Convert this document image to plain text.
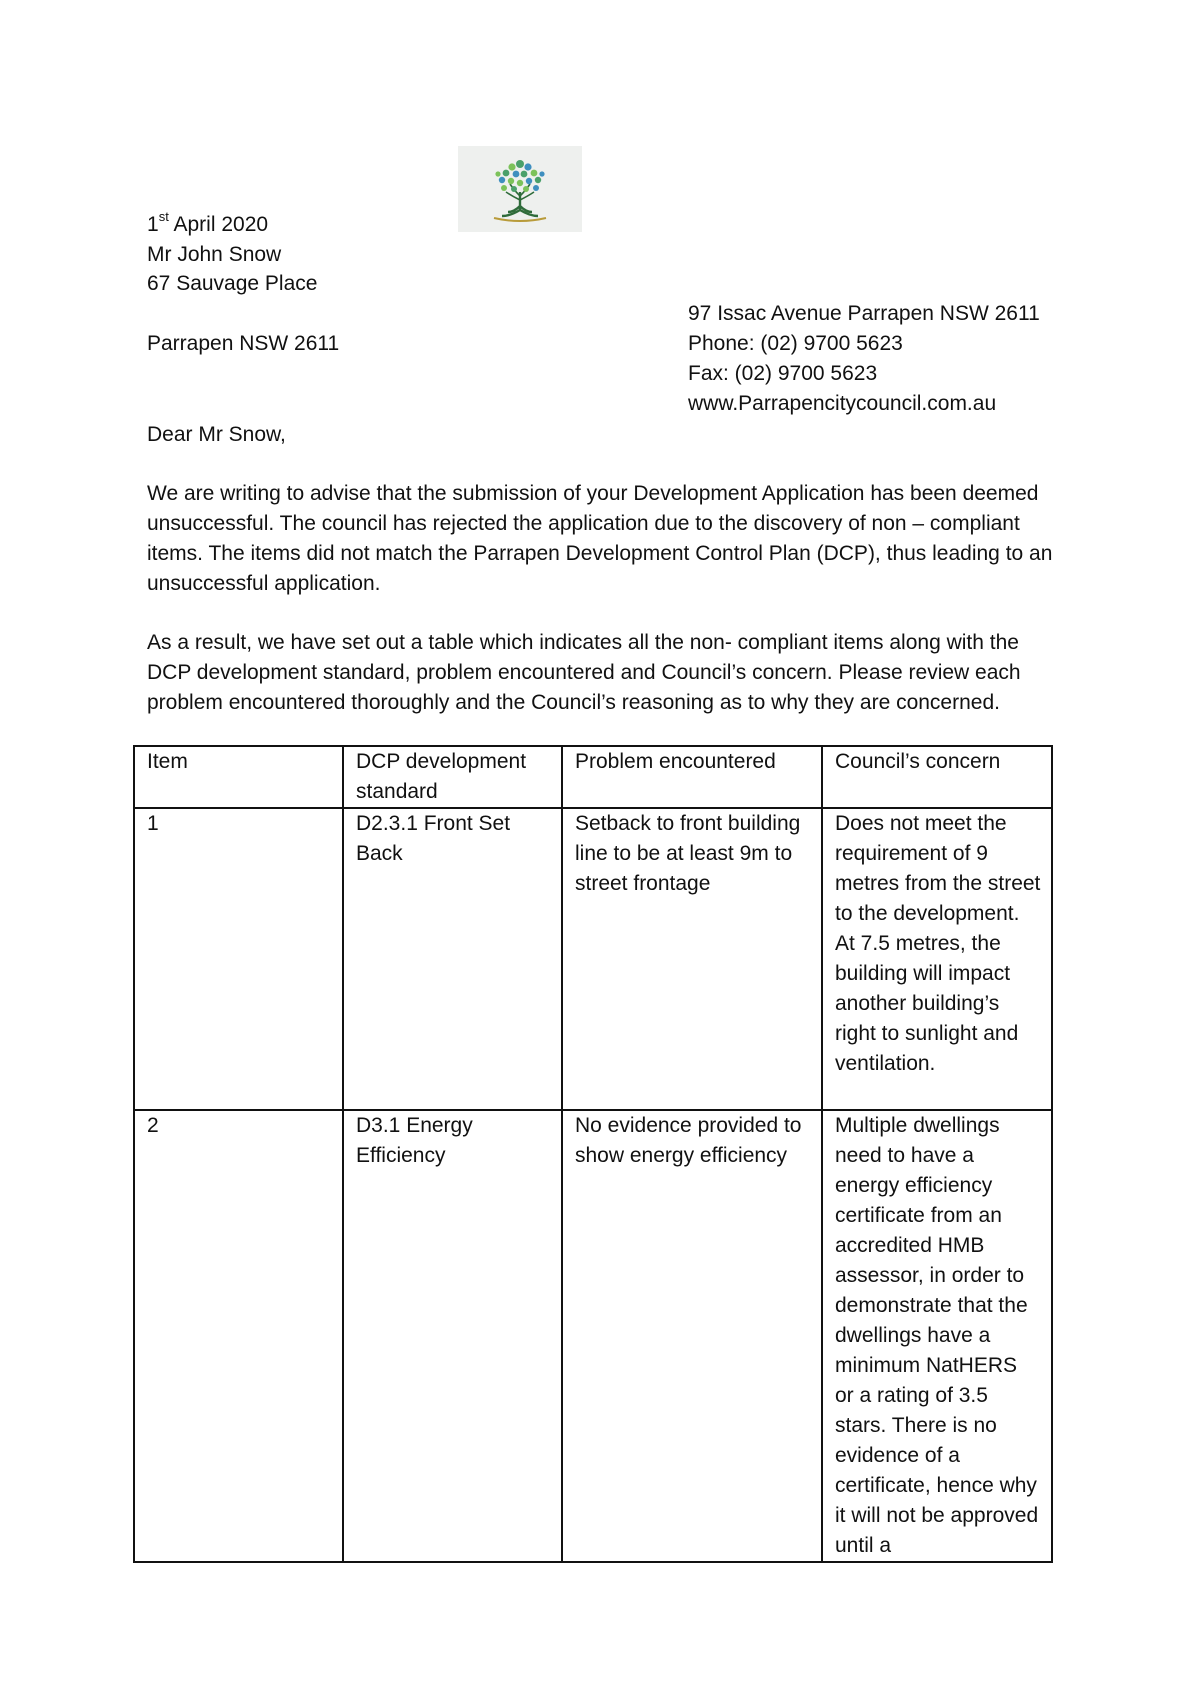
1st April 2020
Mr John Snow
67 Sauvage Place
Parrapen NSW 2611
97 Issac Avenue Parrapen NSW 2611
Phone: (02) 9700 5623
Fax: (02) 9700 5623
www.Parrapencitycouncil.com.au
Dear Mr Snow,
We are writing to advise that the submission of your Development Application has been deemed unsuccessful. The council has rejected the application due to the discovery of non – compliant items. The items did not match the Parrapen Development Control Plan (DCP), thus leading to an unsuccessful application.
As a result, we have set out a table which indicates all the non- compliant items along with the DCP development standard, problem encountered and Council’s concern. Please review each problem encountered thoroughly and the Council’s reasoning as to why they are concerned.
Item	DCP development standard	Problem encountered	Council’s concern
1	D2.3.1 Front Set Back	Setback to front building line to be at least 9m to street frontage	Does not meet the requirement of 9 metres from the street to the development. At 7.5 metres, the building will impact another building’s right to sunlight and ventilation.
2	D3.1 Energy Efficiency	No evidence provided to show energy efficiency	Multiple dwellings need to have a energy efficiency certificate from an accredited HMB assessor, in order to demonstrate that the dwellings have a minimum NatHERS or a rating of 3.5 stars. There is no evidence of a certificate, hence why it will not be approved until a
